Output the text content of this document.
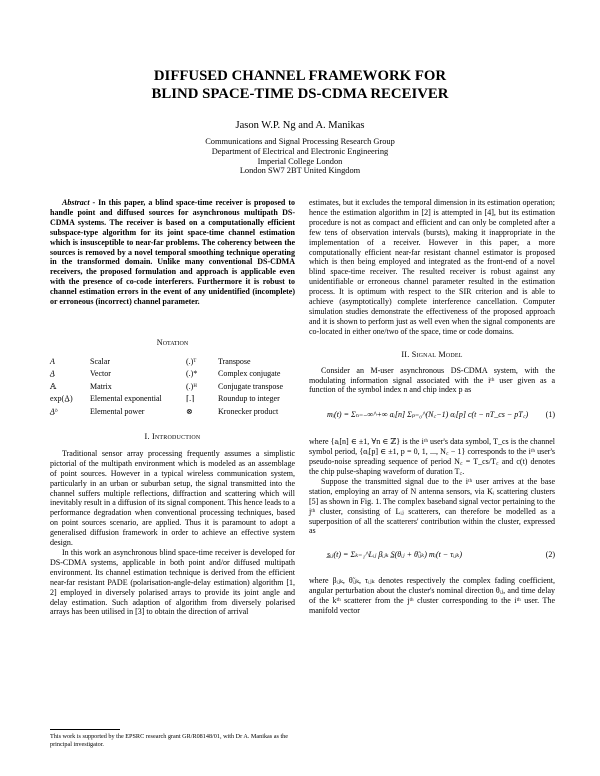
DIFFUSED CHANNEL FRAMEWORK FOR
BLIND SPACE-TIME DS-CDMA RECEIVER
Jason W.P. Ng and A. Manikas
Communications and Signal Processing Research Group
Department of Electrical and Electronic Engineering
Imperial College London
London SW7 2BT United Kingdom

Abstract - In this paper, a blind space-time receiver is proposed to handle point and diffused sources for asynchronous multipath DS-CDMA systems. The receiver is based on a computationally efficient subspace-type algorithm for its joint space-time channel estimation which is insusceptible to near-far problems. The coherency between the sources is removed by a novel temporal smoothing technique operating in the transformed domain. Unlike many conventional DS-CDMA receivers, the proposed formulation and approach is applicable even with the presence of co-code interferers. Furthermore it is robust to channel estimation errors in the event of any unidentified (incomplete) or erroneous (incorrect) channel parameter.

Notation
A	Scalar	(.)ᵀ	Transpose
A̲	Vector	(.)*	Complex conjugate
𝔸	Matrix	(.)ᴴ	Conjugate transpose
exp(A̲) Elemental exponential	⌈.⌉	Roundup to integer
A̲ᵇ	Elemental power	⊗	Kronecker product
I. Introduction

Traditional sensor array processing frequently assumes a simplistic pictorial of the multipath environment which is modeled as an assemblage of point sources. However in a typical wireless communication system, particularly in an urban or suburban setup, the signal transmitted into the channel suffers multiple reflections, diffraction and scattering which will inevitably result in a diffusion of its signal component. This hence leads to a performance degradation when conventional processing techniques, based on point sources scenario, are applied. Thus it is paramount to adopt a generalised diffusion framework in order to achieve an effective system design.

In this work an asynchronous blind space-time receiver is developed for DS-CDMA systems, applicable in both point and/or diffused multipath environment. Its channel estimation technique is derived from the efficient near-far resistant PADE (polarisation-angle-delay estimation) algorithm [1, 2] employed in diversely polarised arrays to provide its joint angle and delay estimation. Such adaption of algorithm from diversely polarised arrays has been utilised in [3] to obtain the direction of arrival

This work is supported by the EPSRC research grant GR/R08148/01, with Dr A. Manikas as the principal investigator.

estimates, but it excludes the temporal dimension in its estimation operation; hence the estimation algorithm in [2] is attempted in [4], but its estimation procedure is not as compact and efficient and can only be completed after a few tens of observation intervals (bursts), making it inappropriate in the implementation of a receiver. However in this paper, a more computationally efficient near-far resistant channel estimator is proposed which is then being employed and integrated as the front-end of a novel blind space-time receiver. The resulted receiver is robust against any unidentifiable or erroneous channel parameter resulted in the estimation process. It is optimum with respect to the SIR criterion and is able to achieve (asymptotically) complete interference cancellation. Computer simulation studies demonstrate the effectiveness of the proposed approach and it is shown to perform just as well even when the signal components are co-located in either one/two of the space, time or code domains.

II. Signal Model

Consider an M-user asynchronous DS-CDMA system, with the modulating information signal associated with the iᵗʰ user given as a function of the symbol index n and chip index p as

mᵢ(t) = Σₙ₌₋∞^+∞ aᵢ[n] Σₚ₌₀^(N꜀−1) αᵢ[p] c(t − nT_cs − pT꜀) (1)

where {aᵢ[n] ∈ ±1, ∀n ∈ ℤ} is the iᵗʰ user's data symbol, T_cs is the channel symbol period, {αᵢ[p] ∈ ±1, p = 0, 1, ..., N꜀ − 1} corresponds to the iᵗʰ user's pseudo-noise spreading sequence of period N꜀ = T_cs/T꜀ and c(t) denotes the chip pulse-shaping waveform of duration T꜀.

Suppose the transmitted signal due to the iᵗʰ user arrives at the base station, employing an array of N antenna sensors, via Kᵢ scattering clusters [5] as shown in Fig. 1. The complex baseband signal vector pertaining to the jᵗʰ cluster, consisting of Lᵢⱼ scatterers, can therefore be modelled as a superposition of all the scatterers' contribution within the cluster, expressed as

s̲ᵢⱼ(t) = Σₖ₌₁^Lᵢⱼ βᵢⱼₖ S̲(θᵢⱼ + θ̃ᵢⱼₖ) mᵢ(t − τᵢⱼₖ)	(2)

where βᵢⱼₖ, θ̃ᵢⱼₖ, τᵢⱼₖ denotes respectively the complex fading coefficient, angular perturbation about the cluster's nominal direction θᵢⱼ, and time delay of the kᵗʰ scatterer from the jᵗʰ cluster corresponding to the iᵗʰ user. The manifold vector
